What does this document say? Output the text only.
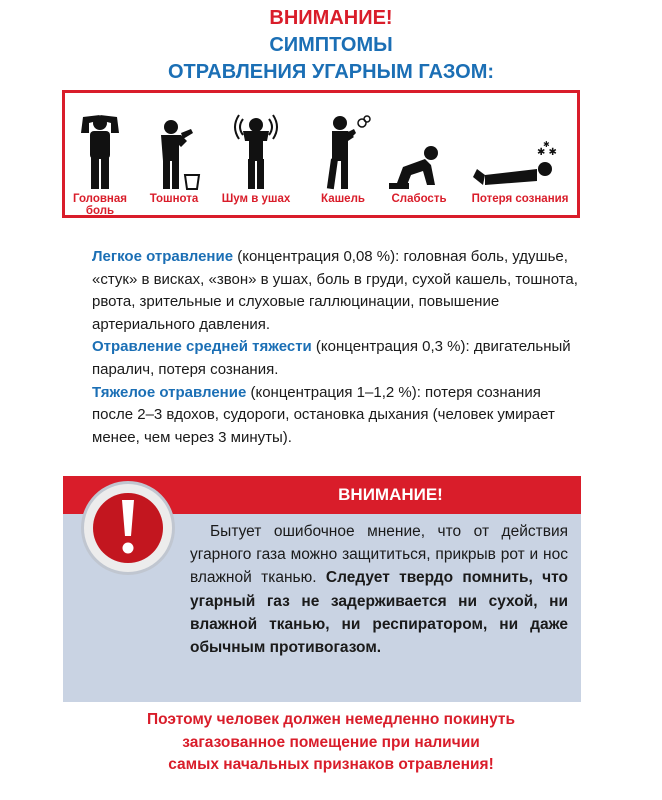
ВНИМАНИЕ!
СИМПТОМЫ
ОТРАВЛЕНИЯ УГАРНЫМ ГАЗОМ:
Головная боль
Тошнота	Шум в ушах	Кашель	Слабость
✱ ✱
✱
Потеря сознания

Легкое отравление (концентрация 0,08 %): головная боль, удушье, «стук» в висках, «звон» в ушах, боль в груди, сухой кашель, тошнота, рвота, зрительные и слуховые галлюцинации, повышение артериального давления.

Отравление средней тяжести (концентрация 0,3 %): двигательный паралич, потеря сознания.

Тяжелое отравление (концентрация 1–1,2 %): потеря сознания после 2–3 вдохов, судороги, остановка дыхания (человек умирает менее, чем через 3 минуты).

ВНИМАНИЕ!

Бытует ошибочное мнение, что от действия угарного газа можно защититься, прикрыв рот и нос влажной тканью. Следует твердо помнить, что угарный газ не задерживается ни сухой, ни влажной тканью, ни респиратором, ни даже обычным противогазом.

Поэтому человек должен немедленно покинуть

загазованное помещение при наличии

самых начальных признаков отравления!
